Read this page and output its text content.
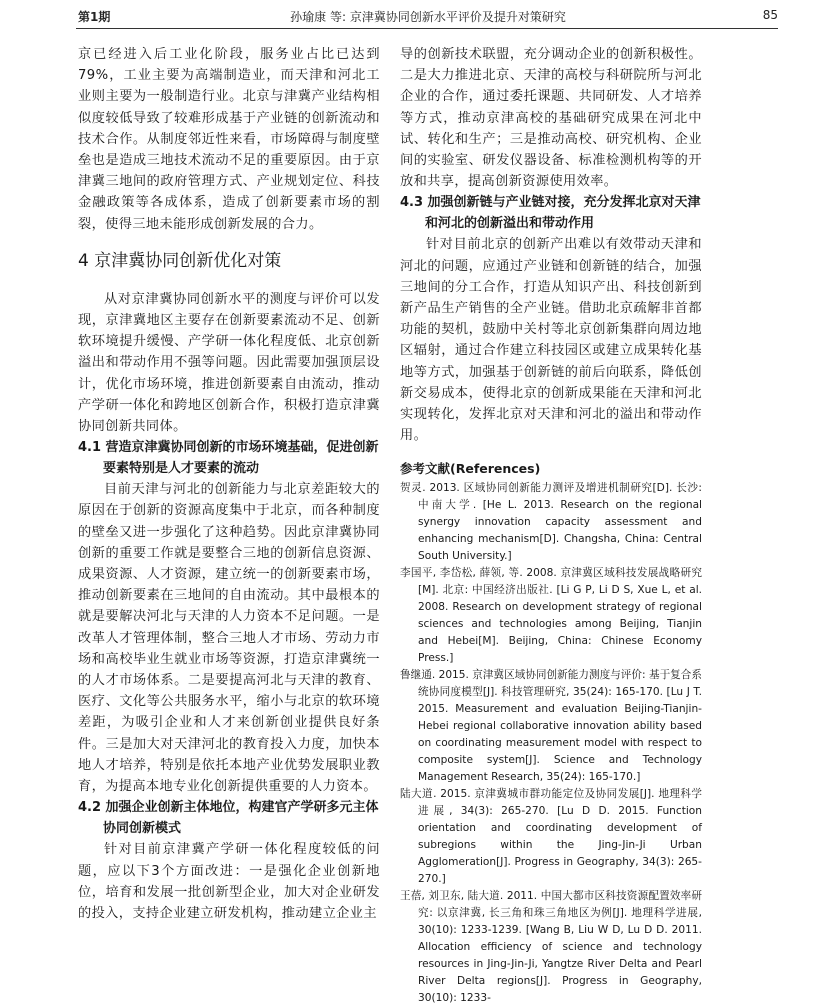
第1期	孙瑜康 等: 京津冀协同创新水平评价及提升对策研究	85

京已经进入后工业化阶段，服务业占比已达到79%，工业主要为高端制造业，而天津和河北工业则主要为一般制造行业。北京与津冀产业结构相似度较低导致了较难形成基于产业链的创新流动和技术合作。从制度邻近性来看，市场障碍与制度壁垒也是造成三地技术流动不足的重要原因。由于京津冀三地间的政府管理方式、产业规划定位、科技金融政策等各成体系，造成了创新要素市场的割裂，使得三地未能形成创新发展的合力。

4 京津冀协同创新优化对策

从对京津冀协同创新水平的测度与评价可以发现，京津冀地区主要存在创新要素流动不足、创新软环境提升缓慢、产学研一体化程度低、北京创新溢出和带动作用不强等问题。因此需要加强顶层设计，优化市场环境，推进创新要素自由流动，推动产学研一体化和跨地区创新合作，积极打造京津冀协同创新共同体。

4.1 营造京津冀协同创新的市场环境基础，促进创新要素特别是人才要素的流动

目前天津与河北的创新能力与北京差距较大的原因在于创新的资源高度集中于北京，而各种制度的壁垒又进一步强化了这种趋势。因此京津冀协同创新的重要工作就是要整合三地的创新信息资源、成果资源、人才资源，建立统一的创新要素市场，推动创新要素在三地间的自由流动。其中最根本的就是要解决河北与天津的人力资本不足问题。一是改革人才管理体制，整合三地人才市场、劳动力市场和高校毕业生就业市场等资源，打造京津冀统一的人才市场体系。二是要提高河北与天津的教育、医疗、文化等公共服务水平，缩小与北京的软环境差距，为吸引企业和人才来创新创业提供良好条件。三是加大对天津河北的教育投入力度，加快本地人才培养，特别是依托本地产业优势发展职业教育，为提高本地专业化创新提供重要的人力资本。

4.2 加强企业创新主体地位，构建官产学研多元主体协同创新模式

针对目前京津冀产学研一体化程度较低的问题，应以下3个方面改进：一是强化企业创新地位，培育和发展一批创新型企业，加大对企业研发的投入，支持企业建立研发机构，推动建立企业主

导的创新技术联盟，充分调动企业的创新积极性。二是大力推进北京、天津的高校与科研院所与河北企业的合作，通过委托课题、共同研发、人才培养等方式，推动京津高校的基础研究成果在河北中试、转化和生产；三是推动高校、研究机构、企业间的实验室、研发仪器设备、标准检测机构等的开放和共享，提高创新资源使用效率。

4.3 加强创新链与产业链对接，充分发挥北京对天津和河北的创新溢出和带动作用

针对目前北京的创新产出难以有效带动天津和河北的问题，应通过产业链和创新链的结合，加强三地间的分工合作，打造从知识产出、科技创新到新产品生产销售的全产业链。借助北京疏解非首都功能的契机，鼓励中关村等北京创新集群向周边地区辐射，通过合作建立科技园区或建立成果转化基地等方式，加强基于创新链的前后向联系，降低创新交易成本，使得北京的创新成果能在天津和河北实现转化，发挥北京对天津和河北的溢出和带动作用。

参考文献(References)

贺灵. 2013. 区域协同创新能力测评及增进机制研究[D]. 长沙: 中南大学. [He L. 2013. Research on the regional synergy innovation capacity assessment and enhancing mechanism[D]. Changsha, China: Central South University.]

李国平, 李岱松, 薛领, 等. 2008. 京津冀区域科技发展战略研究[M]. 北京: 中国经济出版社. [Li G P, Li D S, Xue L, et al. 2008. Research on development strategy of regional sciences and technologies among Beijing, Tianjin and Hebei[M]. Beijing, China: Chinese Economy Press.]

鲁继通. 2015. 京津冀区域协同创新能力测度与评价: 基于复合系统协同度模型[J]. 科技管理研究, 35(24): 165-170. [Lu J T. 2015. Measurement and evaluation Beijing-Tianjin- Hebei regional collaborative innovation ability based on coordinating measurement model with respect to composite system[J]. Science and Technology Management Research, 35(24): 165-170.]

陆大道. 2015. 京津冀城市群功能定位及协同发展[J]. 地理科学进展, 34(3): 265-270. [Lu D D. 2015. Function orientation and coordinating development of subregions within the Jing-Jin-Ji Urban Agglomeration[J]. Progress in Geography, 34(3): 265-270.]

王蓓, 刘卫东, 陆大道. 2011. 中国大都市区科技资源配置效率研究: 以京津冀, 长三角和珠三角地区为例[J]. 地理科学进展, 30(10): 1233-1239. [Wang B, Liu W D, Lu D D. 2011. Allocation efficiency of science and technology resources in Jing-Jin-Ji, Yangtze River Delta and Pearl River Delta regions[J]. Progress in Geography, 30(10): 1233-
